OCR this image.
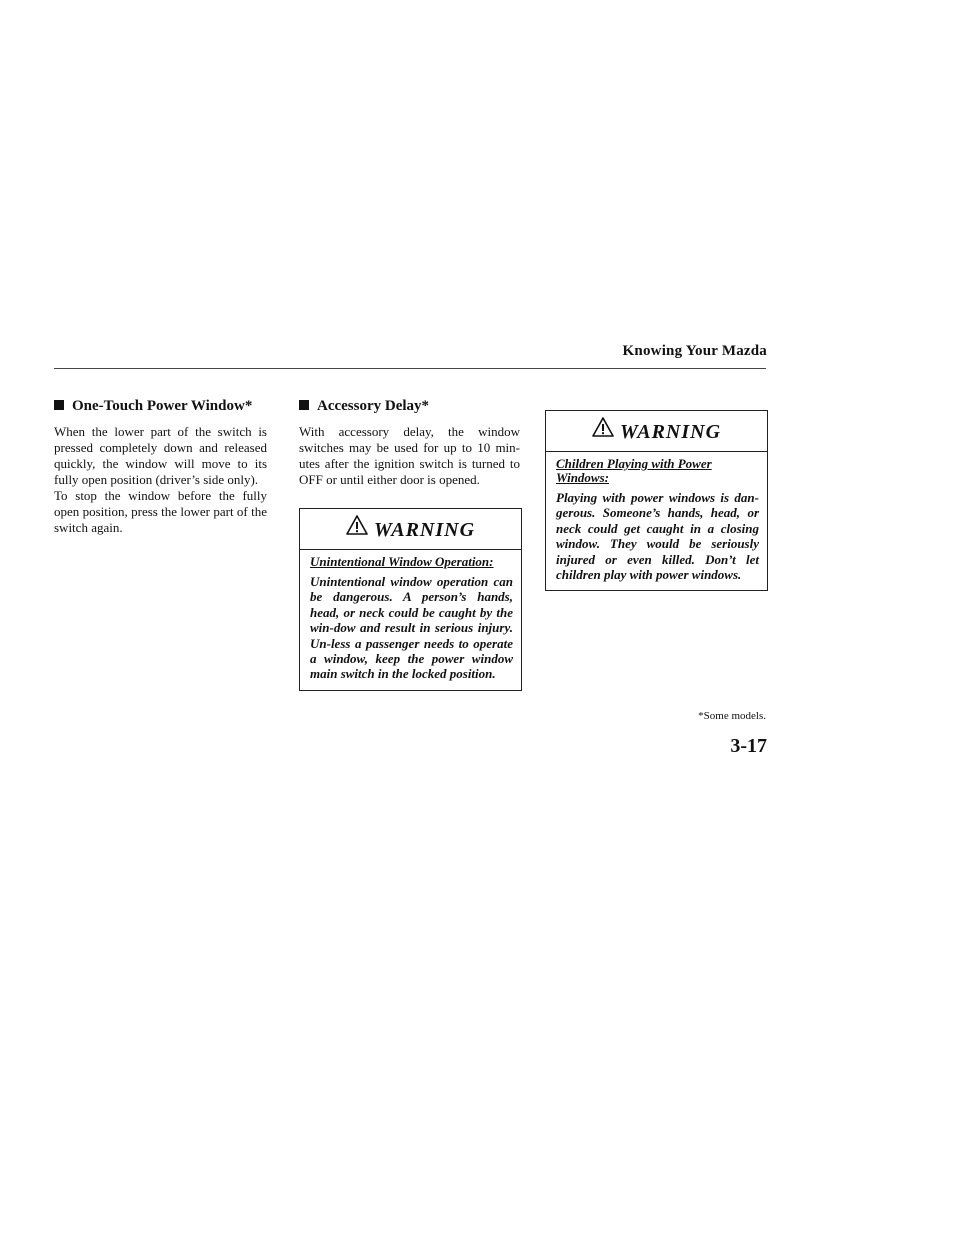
Knowing Your Mazda
One-Touch Power Window*

When the lower part of the switch is pressed completely down and released quickly, the window will move to its fully open position (driver’s side only).

To stop the window before the fully open position, press the lower part of the switch again.

Accessory Delay*

With accessory delay, the window switches may be used for up to 10 min-utes after the ignition switch is turned to OFF or until either door is opened.

WARNING
Unintentional Window Operation:

Unintentional window operation can be dangerous. A person’s hands, head, or neck could be caught by the win-dow and result in serious injury. Un-less a passenger needs to operate a window, keep the power window main switch in the locked position.

WARNING
Children Playing with Power Windows:

Playing with power windows is dan-gerous. Someone’s hands, head, or neck could get caught in a closing window. They would be seriously injured or even killed. Don’t let children play with power windows.

*Some models.
3-17
